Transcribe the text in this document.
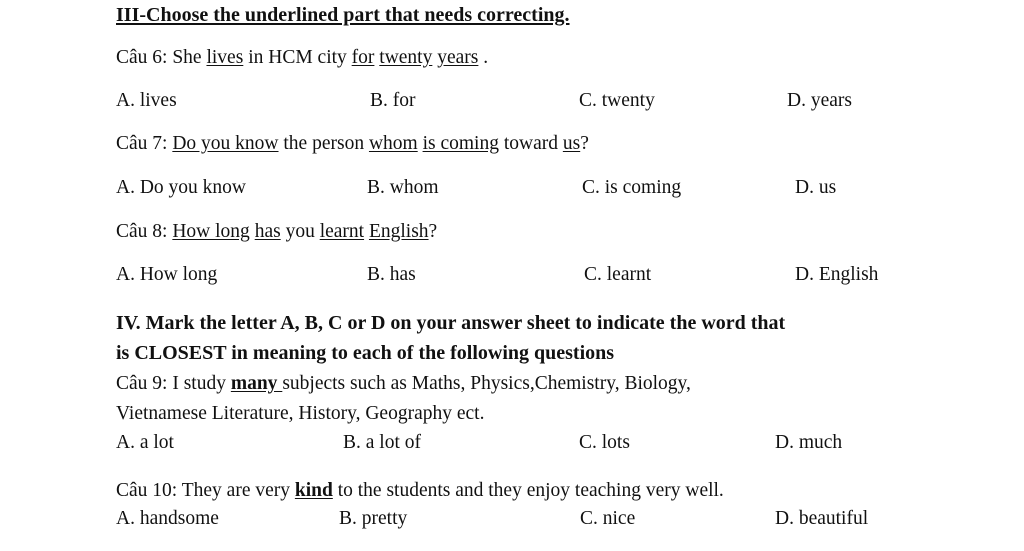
III-Choose the underlined part that needs correcting.
Câu 6: She lives in HCM city for twenty years .
A. lives	B. for	C. twenty	D. years
Câu 7: Do you know the person whom is coming toward us?
A. Do you know	B. whom	C. is coming	D. us
Câu 8: How long has you learnt English?
A. How long	B. has	C. learnt	D. English
IV. Mark the letter A, B, C or D on your answer sheet to indicate the word that
is CLOSEST in meaning to each of the following questions
Câu 9: I study many subjects such as Maths, Physics,Chemistry, Biology,
Vietnamese Literature, History, Geography ect.
A. a lot	B. a lot of	C. lots	D. much
Câu 10: They are very kind to the students and they enjoy teaching very well.
A. handsome	B. pretty	C. nice	D. beautiful
